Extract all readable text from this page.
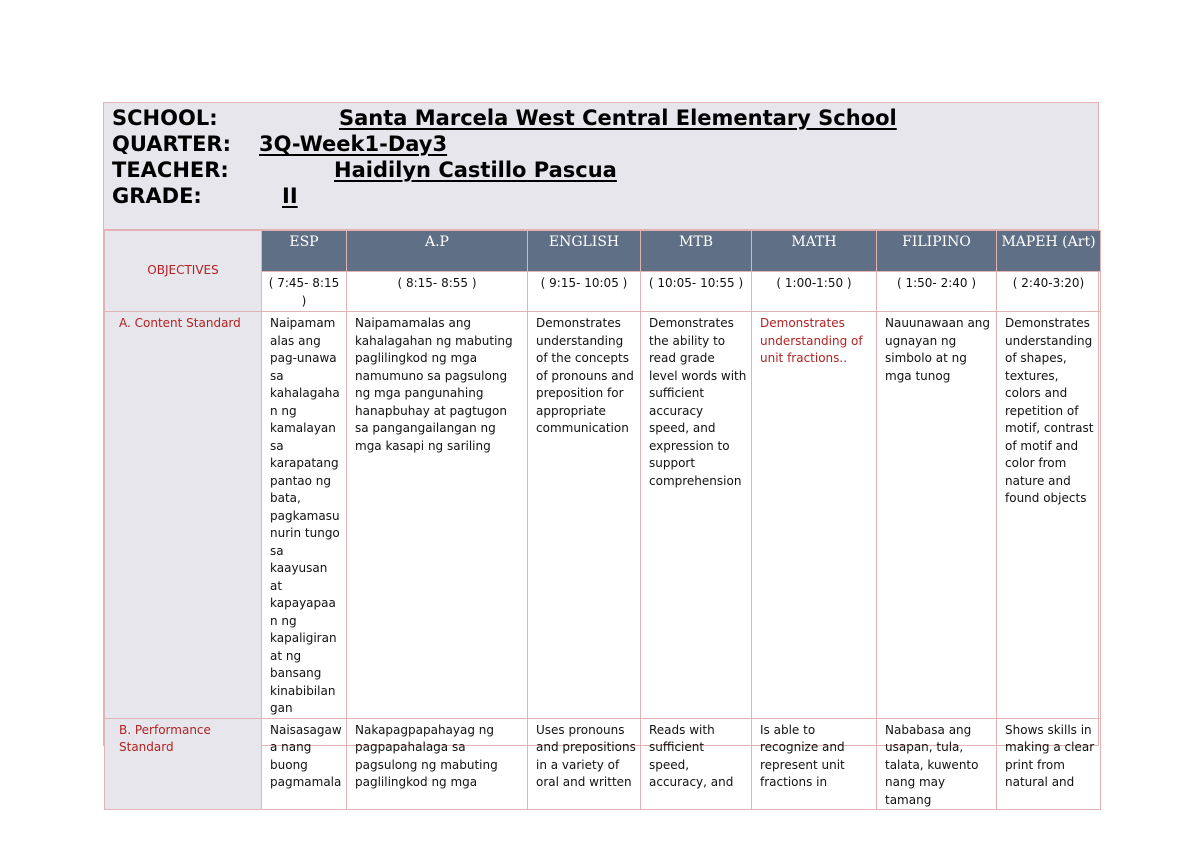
SCHOOL:	Santa Marcela West Central Elementary School
QUARTER: 3Q-Week1-Day3
TEACHER:	Haidilyn Castillo Pascua
GRADE:	II
OBJECTIVES	ESP	A.P	ENGLISH	MTB	MATH	FILIPINO	MAPEH (Art)
	( 7:45- 8:15 )	( 8:15- 8:55 )	( 9:15- 10:05 )	( 10:05- 10:55 )	( 1:00-1:50 )	( 1:50- 2:40 )	( 2:40-3:20)
A. Content Standard	Naipamamalas ang pag-unawa sa kahalagahan ng kamalayan sa karapatang pantao ng bata, pagkamasunurin tungo sa kaayusan at kapayapaan ng kapaligiran at ng bansang kinabibilangan	Naipamamalas ang kahalagahan ng mabuting paglilingkod ng mga namumuno sa pagsulong ng mga pangunahing hanapbuhay at pagtugon sa pangangailangan ng mga kasapi ng sariling	Demonstrates understanding of the concepts of pronouns and preposition for appropriate communication	Demonstrates the ability to read grade level words with sufficient accuracy speed, and expression to support comprehension	Demonstrates understanding of unit fractions..	Nauunawaan ang ugnayan ng simbolo at ng mga tunog	Demonstrates understanding of shapes, textures, colors and repetition of motif, contrast of motif and color from nature and found objects
B. Performance Standard	Naisasagawa nang buong pagmamala	Nakapagpapahayag ng pagpapahalaga sa pagsulong ng mabuting paglilingkod ng mga	Uses pronouns and prepositions in a variety of oral and written	Reads with sufficient speed, accuracy, and	Is able to recognize and represent unit fractions in	Nababasa ang usapan, tula, talata, kuwento nang may tamang	Shows skills in making a clear print from natural and
